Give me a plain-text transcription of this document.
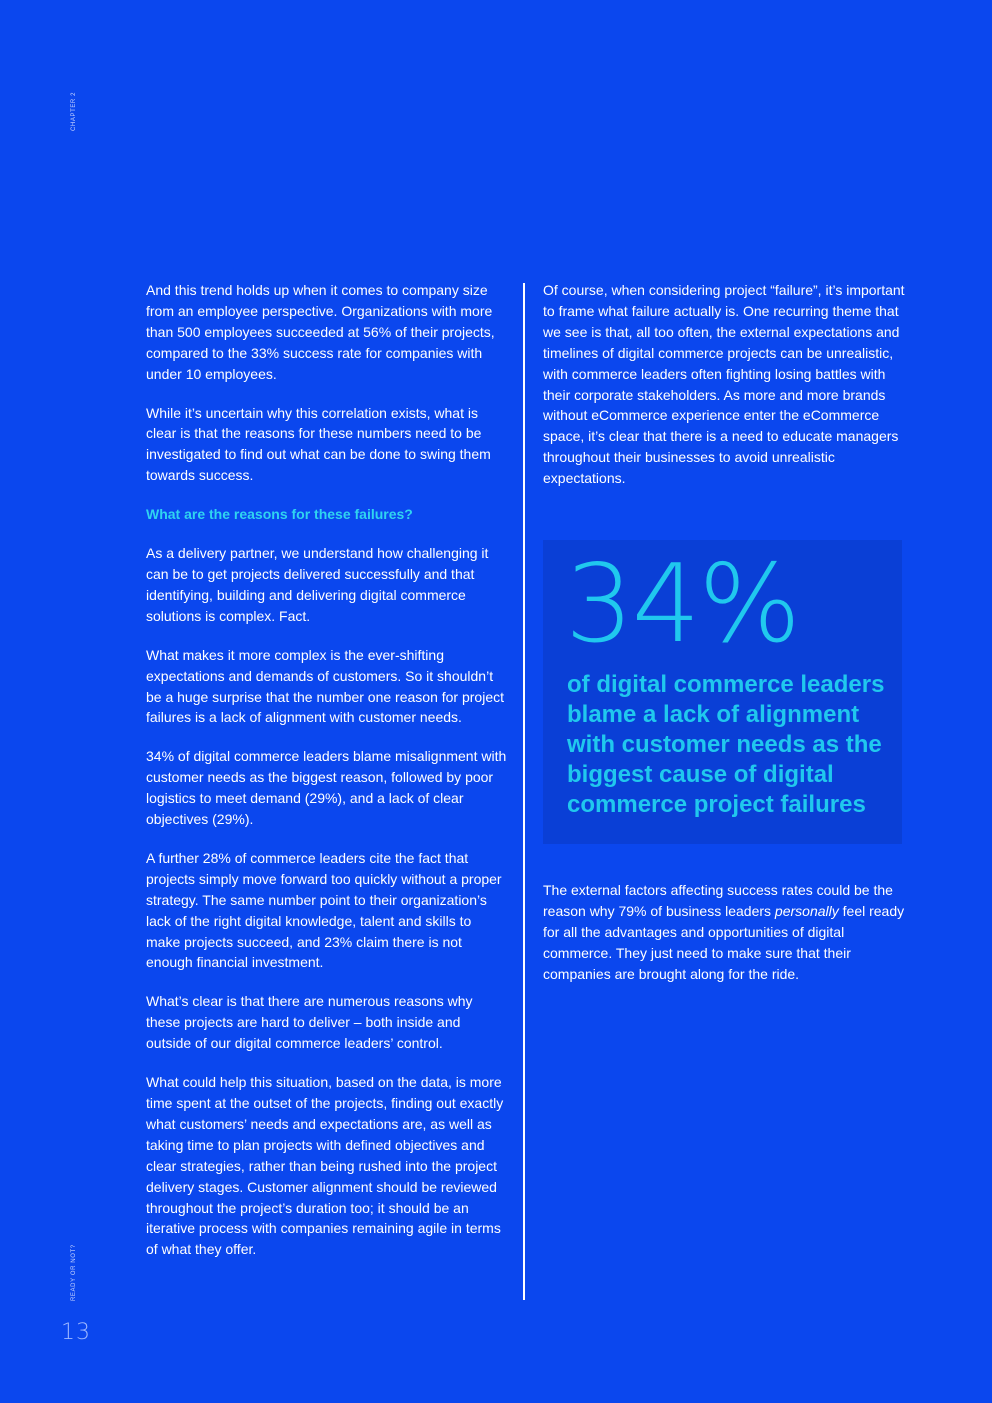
CHAPTER 2
READY OR NOT?
13

And this trend holds up when it comes to company size from an employee perspective. Organizations with more than 500 employees succeeded at 56% of their projects, compared to the 33% success rate for companies with under 10 employees.

While it’s uncertain why this correlation exists, what is clear is that the reasons for these numbers need to be investigated to find out what can be done to swing them towards success.

What are the reasons for these failures?

As a delivery partner, we understand how challenging it can be to get projects delivered successfully and that identifying, building and delivering digital commerce solutions is complex. Fact.

What makes it more complex is the ever-shifting expectations and demands of customers. So it shouldn’t be a huge surprise that the number one reason for project failures is a lack of alignment with customer needs.

34% of digital commerce leaders blame misalignment with customer needs as the biggest reason, followed by poor logistics to meet demand (29%), and a lack of clear objectives (29%).

A further 28% of commerce leaders cite the fact that projects simply move forward too quickly without a proper strategy. The same number point to their organization’s lack of the right digital knowledge, talent and skills to make projects succeed, and 23% claim there is not enough financial investment.

What’s clear is that there are numerous reasons why these projects are hard to deliver – both inside and outside of our digital commerce leaders’ control.

What could help this situation, based on the data, is more time spent at the outset of the projects, finding out exactly what customers’ needs and expectations are, as well as taking time to plan projects with defined objectives and clear strategies, rather than being rushed into the project delivery stages. Customer alignment should be reviewed throughout the project’s duration too; it should be an iterative process with companies remaining agile in terms of what they offer.

Of course, when considering project “failure”, it’s important to frame what failure actually is. One recurring theme that we see is that, all too often, the external expectations and timelines of digital commerce projects can be unrealistic, with commerce leaders often fighting losing battles with their corporate stakeholders. As more and more brands without eCommerce experience enter the eCommerce space, it’s clear that there is a need to educate managers throughout their businesses to avoid unrealistic expectations.

34%
of digital commerce leaders blame a lack of alignment with customer needs as the biggest cause of digital commerce project failures

The external factors affecting success rates could be the reason why 79% of business leaders personally feel ready for all the advantages and opportunities of digital commerce. They just need to make sure that their companies are brought along for the ride.
